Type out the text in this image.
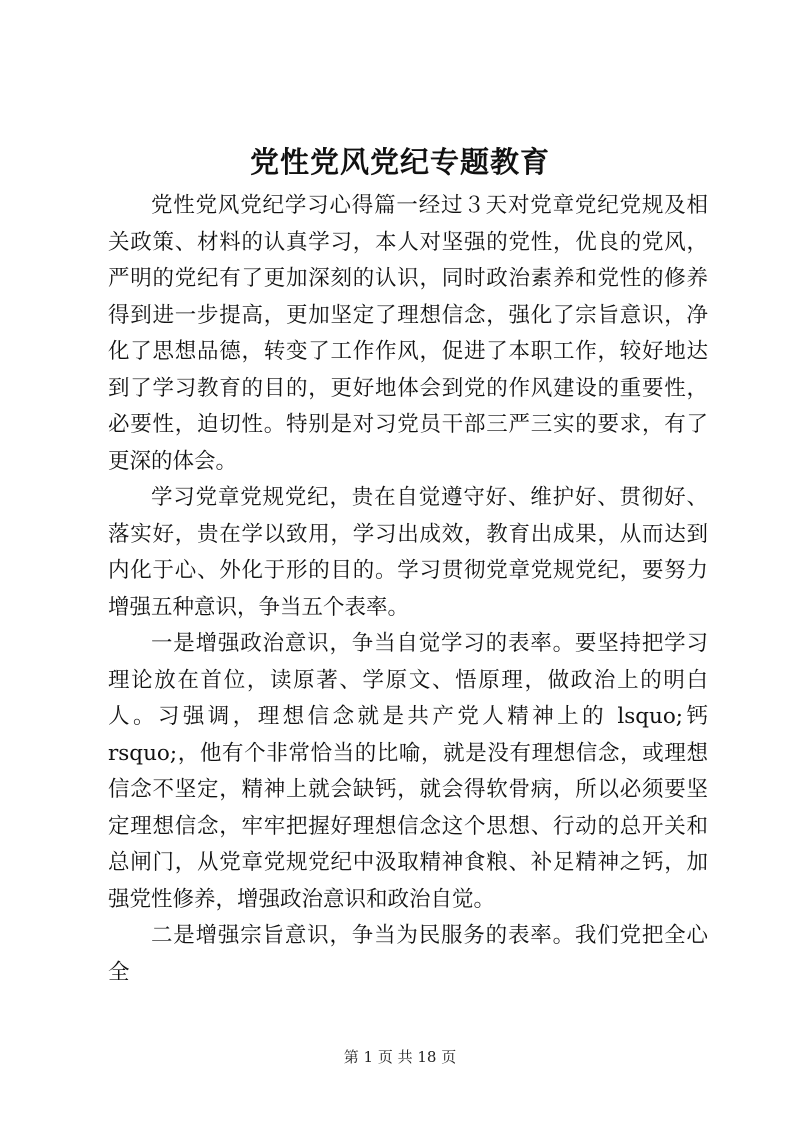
党性党风党纪专题教育

党性党风党纪学习心得篇一经过３天对党章党纪党规及相关政策、材料的认真学习，本人对坚强的党性，优良的党风，严明的党纪有了更加深刻的认识，同时政治素养和党性的修养得到进一步提高，更加坚定了理想信念，强化了宗旨意识，净化了思想品德，转变了工作作风，促进了本职工作，较好地达到了学习教育的目的，更好地体会到党的作风建设的重要性，必要性，迫切性。特别是对习党员干部三严三实的要求，有了更深的体会。

学习党章党规党纪，贵在自觉遵守好、维护好、贯彻好、落实好，贵在学以致用，学习出成效，教育出成果，从而达到内化于心、外化于形的目的。学习贯彻党章党规党纪，要努力增强五种意识，争当五个表率。

一是增强政治意识，争当自觉学习的表率。要坚持把学习理论放在首位，读原著、学原文、悟原理，做政治上的明白人。习强调，理想信念就是共产党人精神上的 lsquo;钙 rsquo;，他有个非常恰当的比喻，就是没有理想信念，或理想信念不坚定，精神上就会缺钙，就会得软骨病，所以必须要坚定理想信念，牢牢把握好理想信念这个思想、行动的总开关和总闸门，从党章党规党纪中汲取精神食粮、补足精神之钙，加强党性修养，增强政治意识和政治自觉。

二是增强宗旨意识，争当为民服务的表率。我们党把全心全

第 1 页 共 18 页
